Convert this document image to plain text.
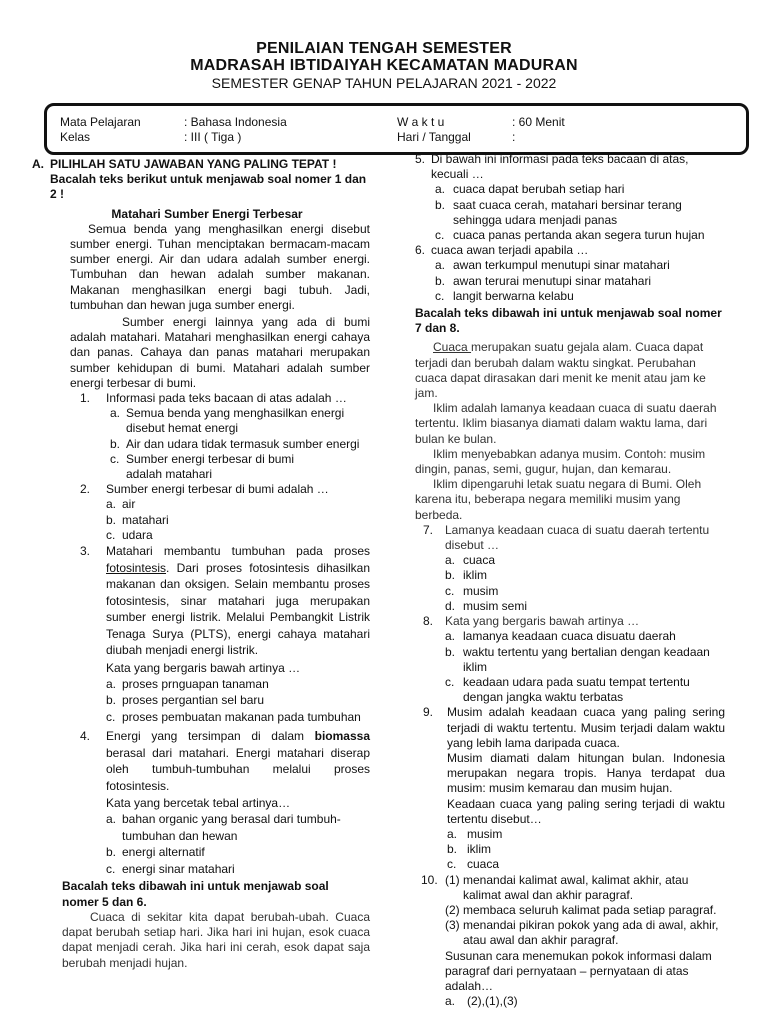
PENILAIAN TENGAH SEMESTER

MADRASAH IBTIDAIYAH KECAMATAN MADURAN

SEMESTER GENAP TAHUN PELAJARAN 2021 - 2022

Mata Pelajaran	: Bahasa Indonesia
Kelas	: III ( Tiga )
W a k t u	: 60 Menit
Hari / Tanggal	:
A. PILIHLAH SATU JAWABAN YANG PALING TEPAT !

Bacalah teks berikut untuk menjawab soal nomer 1 dan 2 !

Matahari Sumber Energi Terbesar

Semua benda yang menghasilkan energi disebut sumber energi. Tuhan menciptakan bermacam-macam sumber energi. Air dan udara adalah sumber energi. Tumbuhan dan hewan adalah sumber makanan. Makanan menghasilkan energi bagi tubuh. Jadi, tumbuhan dan hewan juga sumber energi.

Sumber energi lainnya yang ada di bumi adalah matahari. Matahari menghasilkan energi cahaya dan panas. Cahaya dan panas matahari merupakan sumber kehidupan di bumi. Matahari adalah sumber energi terbesar di bumi.

1.	Informasi pada teks bacaan di atas adalah …
a. Semua benda yang menghasilkan energi disebut hemat energi
b. Air dan udara tidak termasuk sumber energi
c. Sumber energi terbesar di bumi adalah matahari
2.	Sumber energi terbesar di bumi adalah …
a. air
b. matahari
c. udara
3.	Matahari membantu tumbuhan pada proses fotosintesis. Dari proses fotosintesis dihasilkan makanan dan oksigen. Selain membantu proses fotosintesis, sinar matahari juga merupakan sumber energi listrik. Melalui Pembangkit Listrik Tenaga Surya (PLTS), energi cahaya matahari diubah menjadi energi listrik.

Kata yang bergaris bawah artinya …

a. proses prnguapan tanaman
b. proses pergantian sel baru
c. proses pembuatan makanan pada tumbuhan
4.	Energi yang tersimpan di dalam biomassa berasal dari matahari. Energi matahari diserap oleh tumbuh-tumbuhan melalui proses fotosintesis.

Kata yang bercetak tebal artinya…

a. bahan organic yang berasal dari tumbuh-tumbuhan dan hewan
b. energi alternatif
c. energi sinar matahari

Bacalah teks dibawah ini untuk menjawab soal nomer 5 dan 6.

Cuaca di sekitar kita dapat berubah-ubah. Cuaca dapat berubah setiap hari. Jika hari ini hujan, esok cuaca dapat menjadi cerah. Jika hari ini cerah, esok dapat saja berubah menjadi hujan.

5. Di bawah ini informasi pada teks bacaan di atas, kecuali …
a. cuaca dapat berubah setiap hari
b. saat cuaca cerah, matahari bersinar terang sehingga udara menjadi panas
c. cuaca panas pertanda akan segera turun hujan
6. cuaca awan terjadi apabila …
a. awan terkumpul menutupi sinar matahari
b. awan terurai menutupi sinar matahari
c. langit berwarna kelabu

Bacalah teks dibawah ini untuk menjawab soal nomer 7 dan 8.

Cuaca merupakan suatu gejala alam. Cuaca dapat terjadi dan berubah dalam waktu singkat. Perubahan cuaca dapat dirasakan dari menit ke menit atau jam ke jam.

Iklim adalah lamanya keadaan cuaca di suatu daerah tertentu. Iklim biasanya diamati dalam waktu lama, dari bulan ke bulan.

Iklim menyebabkan adanya musim. Contoh: musim dingin, panas, semi, gugur, hujan, dan kemarau.

Iklim dipengaruhi letak suatu negara di Bumi. Oleh karena itu, beberapa negara memiliki musim yang berbeda.

7. Lamanya keadaan cuaca di suatu daerah tertentu disebut …
a. cuaca
b. iklim
c. musim
d. musim semi
8. Kata yang bergaris bawah artinya …
a. lamanya keadaan cuaca disuatu daerah
b. waktu tertentu yang bertalian dengan keadaan iklim
c. keadaan udara pada suatu tempat tertentu dengan jangka waktu terbatas
9.	Musim adalah keadaan cuaca yang paling sering terjadi di waktu tertentu. Musim terjadi dalam waktu yang lebih lama daripada cuaca.
Musim diamati dalam hitungan bulan. Indonesia merupakan negara tropis. Hanya terdapat dua musim: musim kemarau dan musim hujan.
Keadaan cuaca yang paling sering terjadi di waktu tertentu disebut…
a. musim
b. iklim
c. cuaca
10. (1) menandai kalimat awal, kalimat akhir, atau kalimat awal dan akhir paragraf.
(2) membaca seluruh kalimat pada setiap paragraf.
(3) menandai pikiran pokok yang ada di awal, akhir, atau awal dan akhir paragraf.
Susunan cara menemukan pokok informasi dalam paragraf dari pernyataan – pernyataan di atas adalah…
a. (2),(1),(3)
